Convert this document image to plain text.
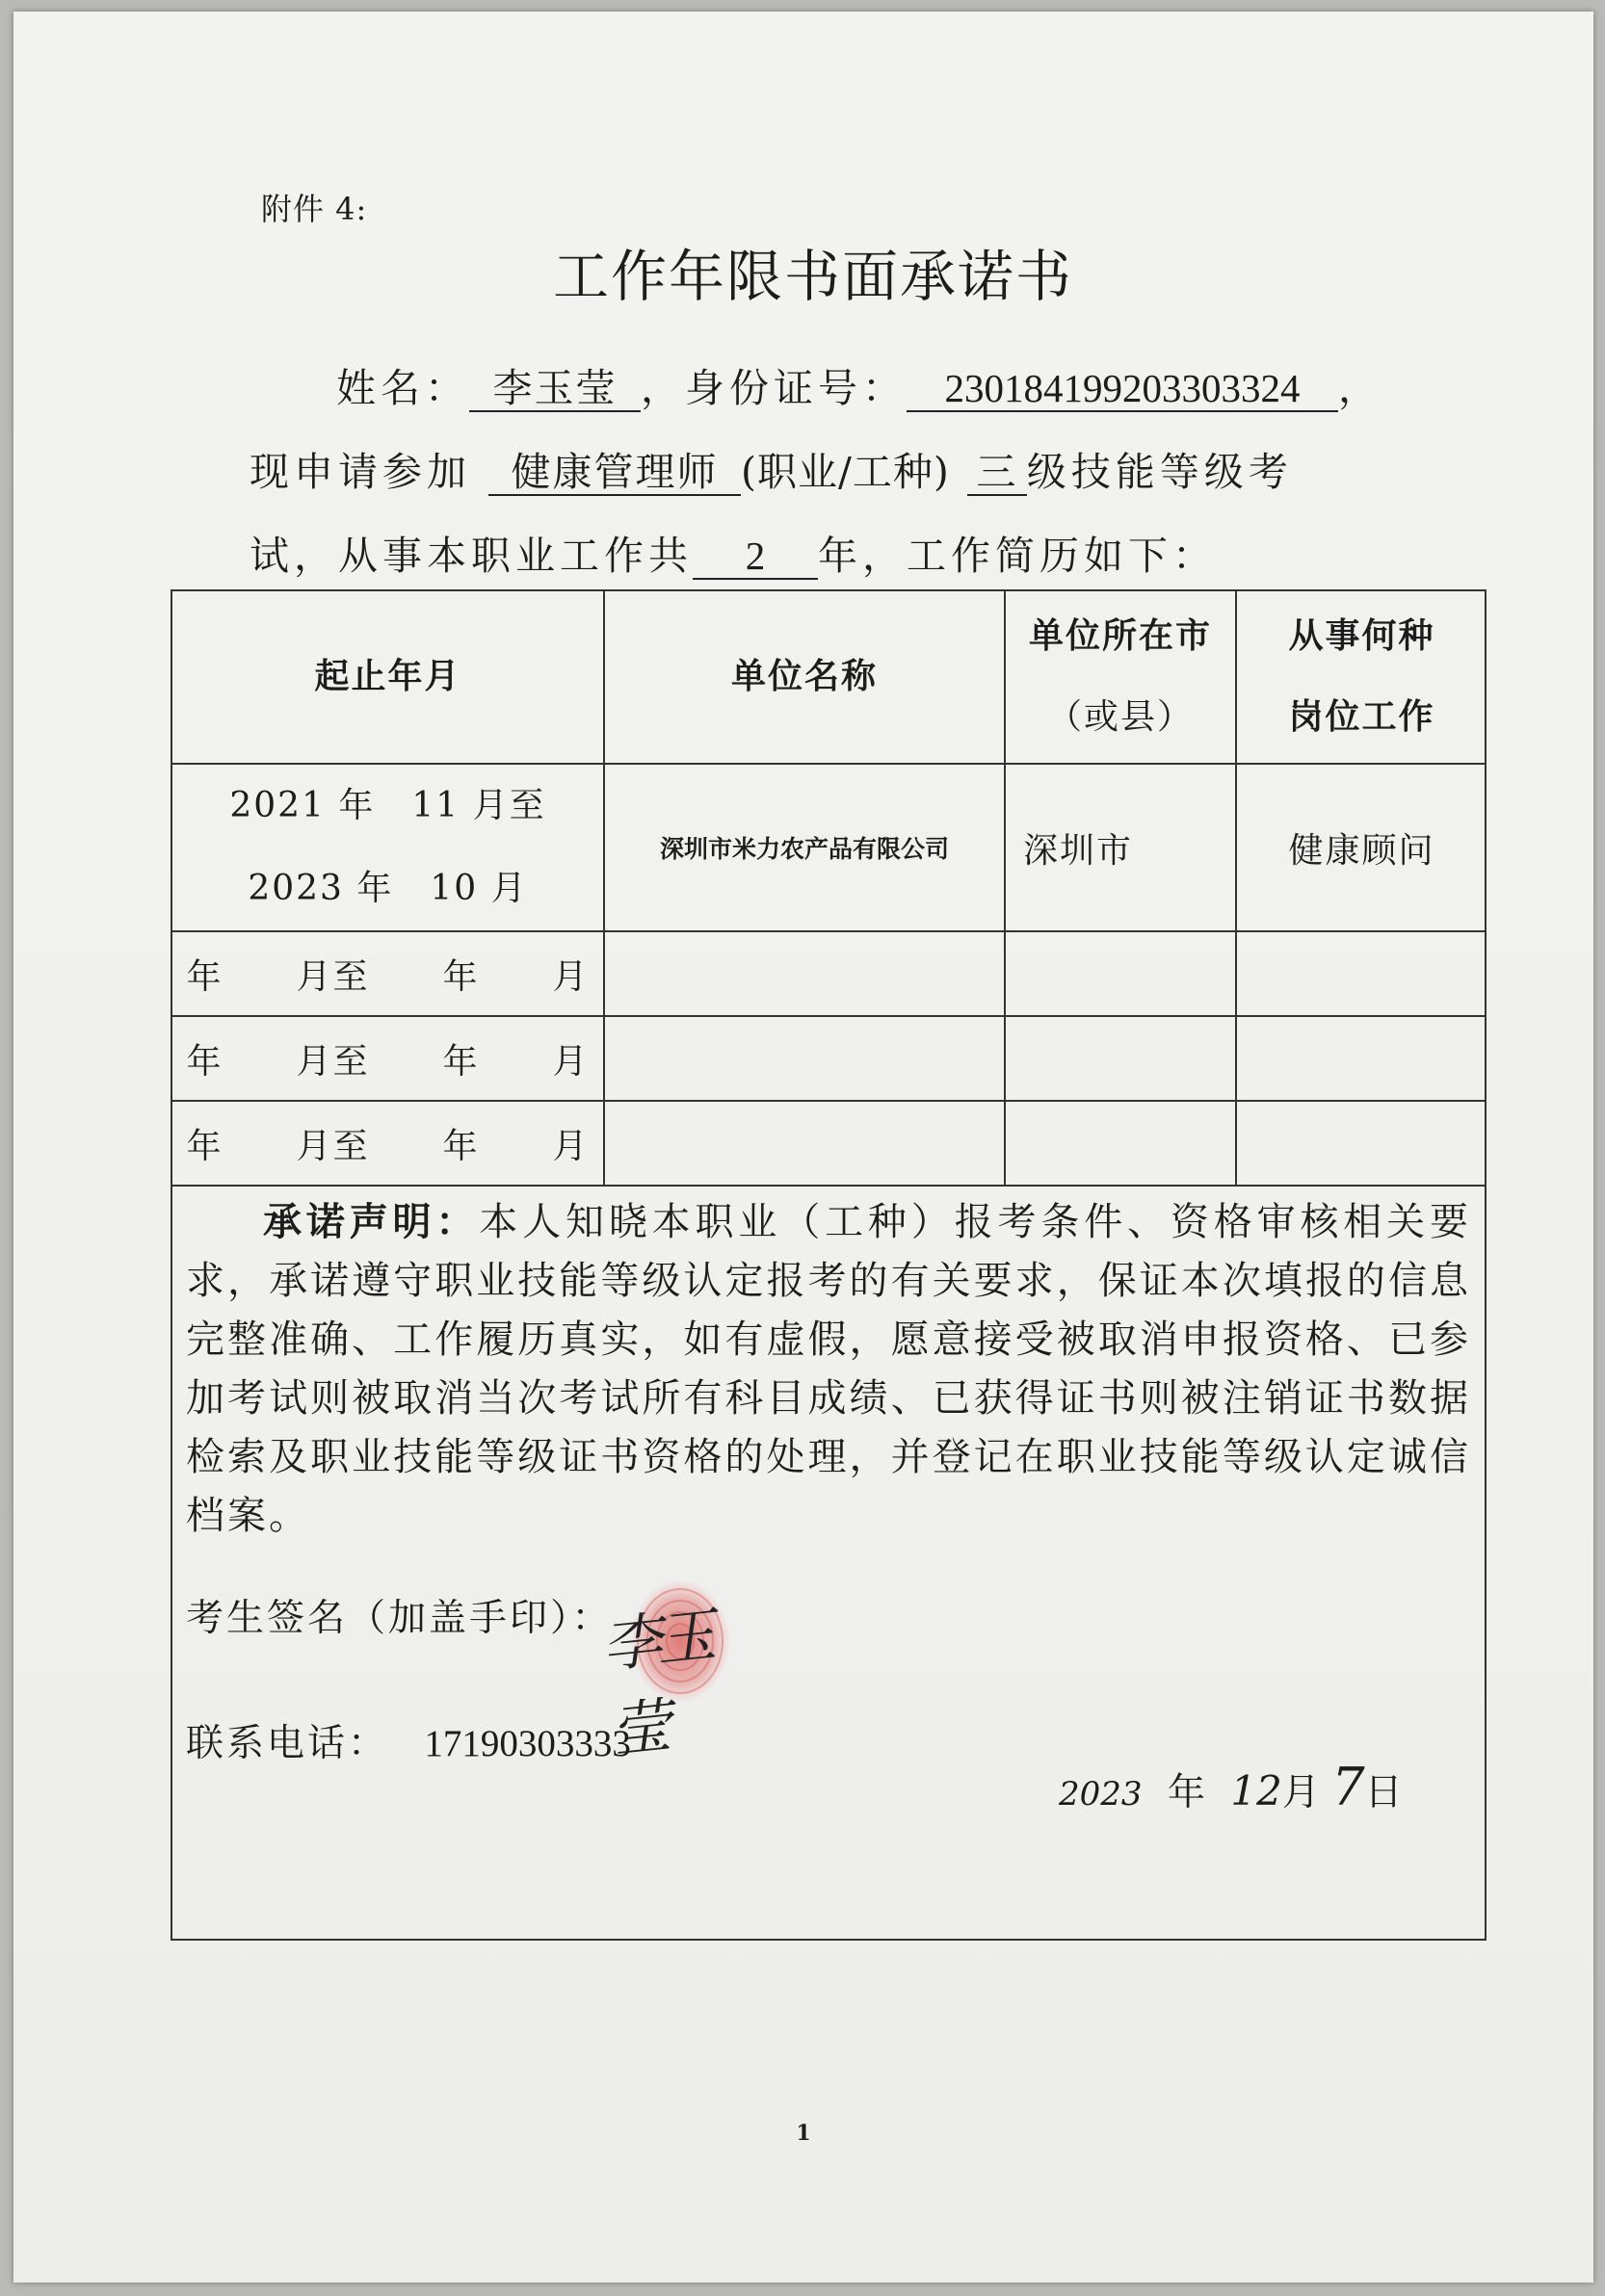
附件 4:
工作年限书面承诺书
姓名： 李玉莹 ，身份证号： 230184199203303324 ，
现申请参加 健康管理师 (职业/工种) 三 级技能等级考
试，从事本职业工作共 2 年，工作简历如下：
起止年月	单位名称
单位所在市
（或县）
从事何种
岗位工作
2021 年　11 月至
2023 年　10 月
深圳市米力农产品有限公司 深圳市	健康顾问
年　　月至　　年　　月
年　　月至　　年　　月
年　　月至　　年　　月
承诺声明：本人知晓本职业（工种）报考条件、资格审核相关要求，承诺遵守职业技能等级认定报考的有关要求，保证本次填报的信息完整准确、工作履历真实，如有虚假，愿意接受被取消申报资格、已参加考试则被取消当次考试所有科目成绩、已获得证书则被注销证书数据检索及职业技能等级证书资格的处理，并登记在职业技能等级认定诚信档案。
考生签名（加盖手印）：
李玉莹
联系电话： 17190303333
2023 年 12月 7日
1
